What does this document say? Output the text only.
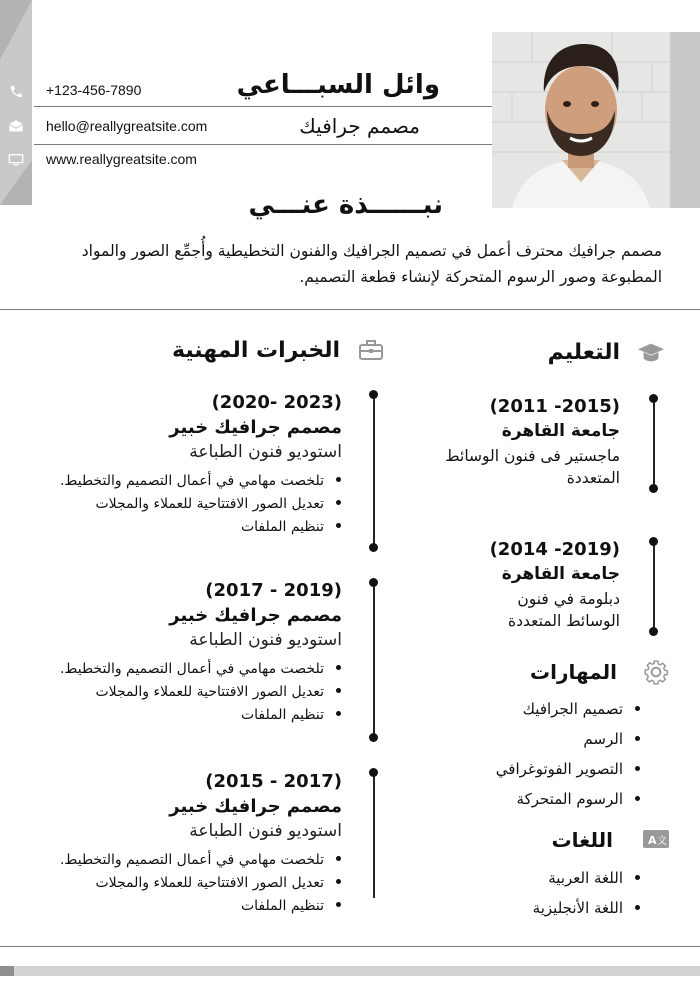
+123-456-7890
hello@reallygreatsite.com
www.reallygreatsite.com
وائل السبـــاعي
مصمم جرافيك
نبــــــذة عنـــي
مصمم جرافيك محترف أعمل في تصميم الجرافيك والفنون التخطيطية وأُجمِّع الصور والمواد المطبوعة وصور الرسوم المتحركة لإنشاء قطعة التصميم.
الخبرات المهنية
(2023 -2020)
مصمم جرافيك خبير
استوديو فنون الطباعة
• تلخصت مهامي في أعمال التصميم والتخطيط.
• تعديل الصور الافتتاحية للعملاء والمجلات
• تنظيم الملفات
(2019 - 2017)
مصمم جرافيك خبير
استوديو فنون الطباعة
• تلخصت مهامي في أعمال التصميم والتخطيط.
• تعديل الصور الافتتاحية للعملاء والمجلات
• تنظيم الملفات
(2017 - 2015)
مصمم جرافيك خبير
استوديو فنون الطباعة
• تلخصت مهامي في أعمال التصميم والتخطيط.
• تعديل الصور الافتتاحية للعملاء والمجلات
• تنظيم الملفات
التعليم
(2015- 2011)
جامعة القاهرة
ماجستير فى فنون الوسائط المتعددة
(2019- 2014)
جامعة القاهرة
دبلومة في فنون الوسائط المتعددة
المهارات
• تصميم الجرافيك
• الرسم
• التصوير الفوتوغرافي
• الرسوم المتحركة
اللغات	A 文
• اللغة العربية
• اللغة الأنجليزية
